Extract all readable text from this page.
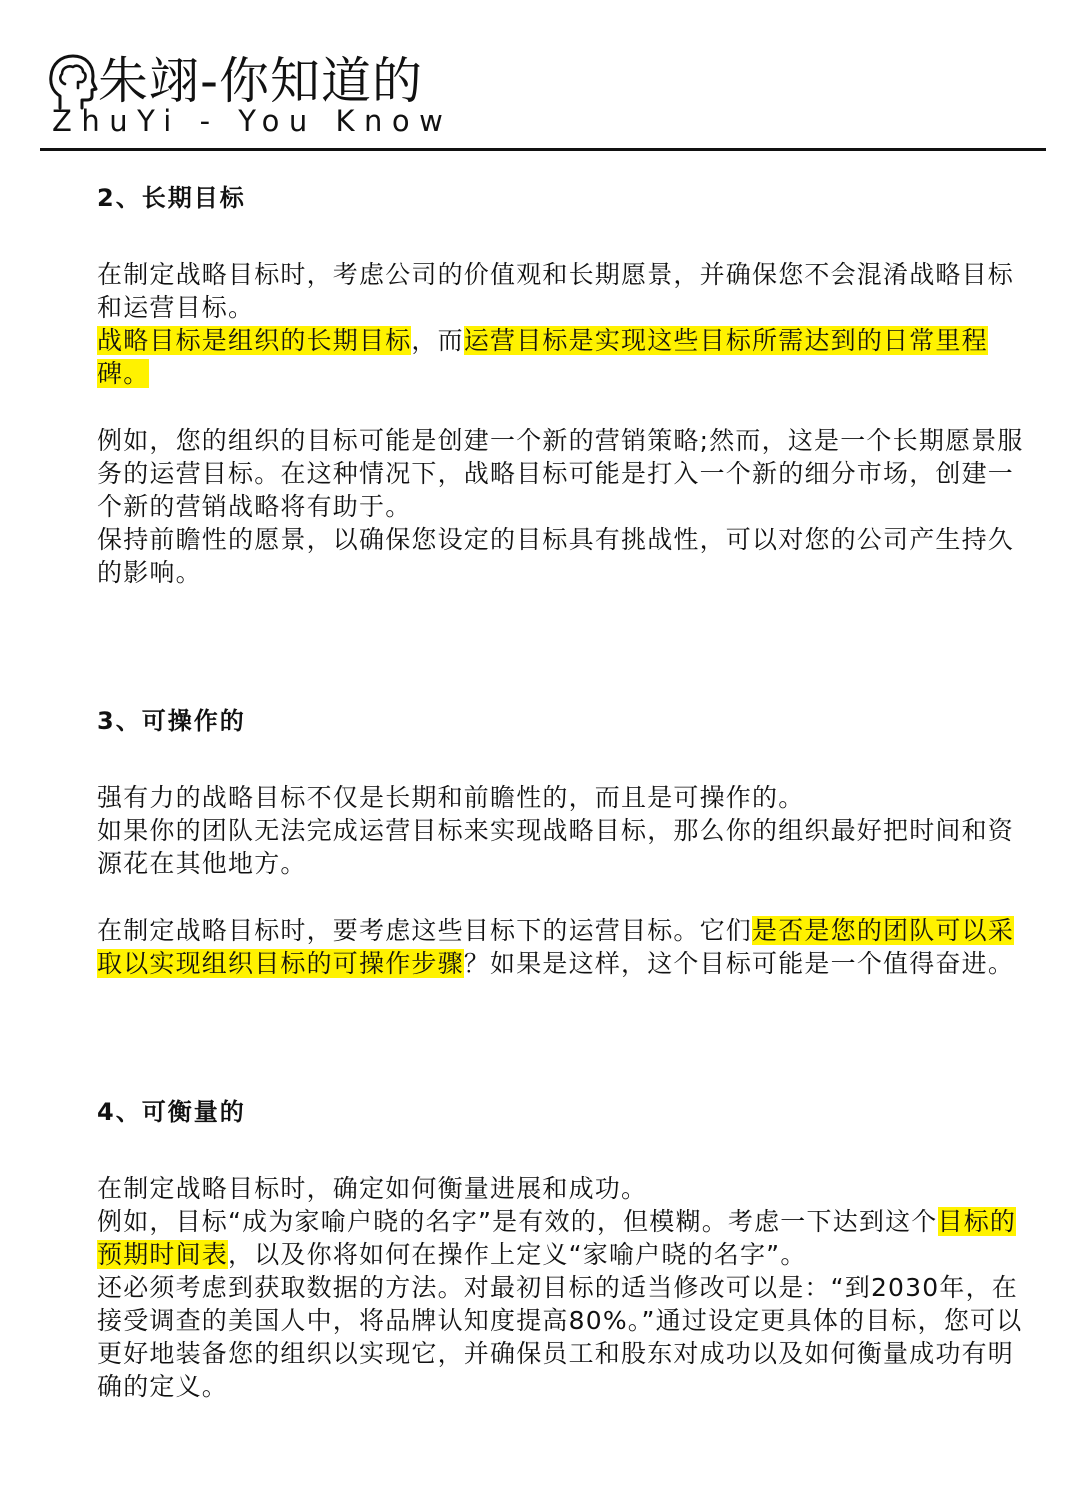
朱翊-你知道的
ZhuYi - You Know

2、长期目标

在制定战略目标时，考虑公司的价值观和长期愿景，并确保您不会混淆战略目标和运营目标。

战略目标是组织的长期目标，而运营目标是实现这些目标所需达到的日常里程碑。

例如，您的组织的目标可能是创建一个新的营销策略;然而，这是一个长期愿景服务的运营目标。在这种情况下，战略目标可能是打入一个新的细分市场，创建一个新的营销战略将有助于。

保持前瞻性的愿景，以确保您设定的目标具有挑战性，可以对您的公司产生持久的影响。

3、可操作的

强有力的战略目标不仅是长期和前瞻性的，而且是可操作的。

如果你的团队无法完成运营目标来实现战略目标，那么你的组织最好把时间和资源花在其他地方。

在制定战略目标时，要考虑这些目标下的运营目标。它们是否是您的团队可以采取以实现组织目标的可操作步骤？如果是这样，这个目标可能是一个值得奋进。

4、可衡量的

在制定战略目标时，确定如何衡量进展和成功。

例如，目标“成为家喻户晓的名字”是有效的，但模糊。考虑一下达到这个目标的预期时间表，以及你将如何在操作上定义“家喻户晓的名字”。

还必须考虑到获取数据的方法。对最初目标的适当修改可以是：“到2030年，在接受调查的美国人中，将品牌认知度提高80%。”通过设定更具体的目标，您可以更好地装备您的组织以实现它，并确保员工和股东对成功以及如何衡量成功有明确的定义。
